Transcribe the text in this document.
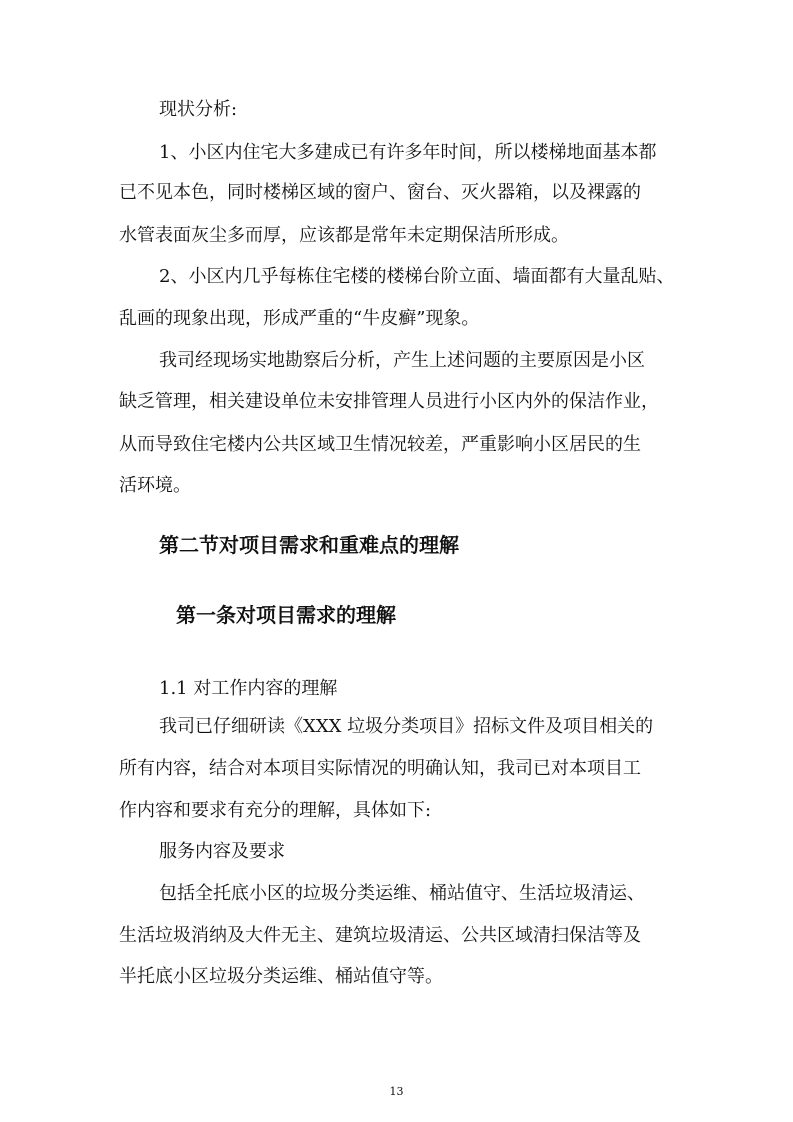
现状分析:
1、小区内住宅大多建成已有许多年时间，所以楼梯地面基本都
已不见本色，同时楼梯区域的窗户、窗台、灭火器箱，以及裸露的
水管表面灰尘多而厚，应该都是常年未定期保洁所形成。
2、小区内几乎每栋住宅楼的楼梯台阶立面、墙面都有大量乱贴、
乱画的现象出现，形成严重的“牛皮癣”现象。
我司经现场实地勘察后分析，产生上述问题的主要原因是小区
缺乏管理，相关建设单位未安排管理人员进行小区内外的保洁作业，
从而导致住宅楼内公共区域卫生情况较差，严重影响小区居民的生
活环境。
第二节对项目需求和重难点的理解
第一条对项目需求的理解
1.1 对工作内容的理解
我司已仔细研读《XXX 垃圾分类项目》招标文件及项目相关的
所有内容，结合对本项目实际情况的明确认知，我司已对本项目工
作内容和要求有充分的理解，具体如下:
服务内容及要求
包括全托底小区的垃圾分类运维、桶站值守、生活垃圾清运、
生活垃圾消纳及大件无主、建筑垃圾清运、公共区域清扫保洁等及
半托底小区垃圾分类运维、桶站值守等。
13
